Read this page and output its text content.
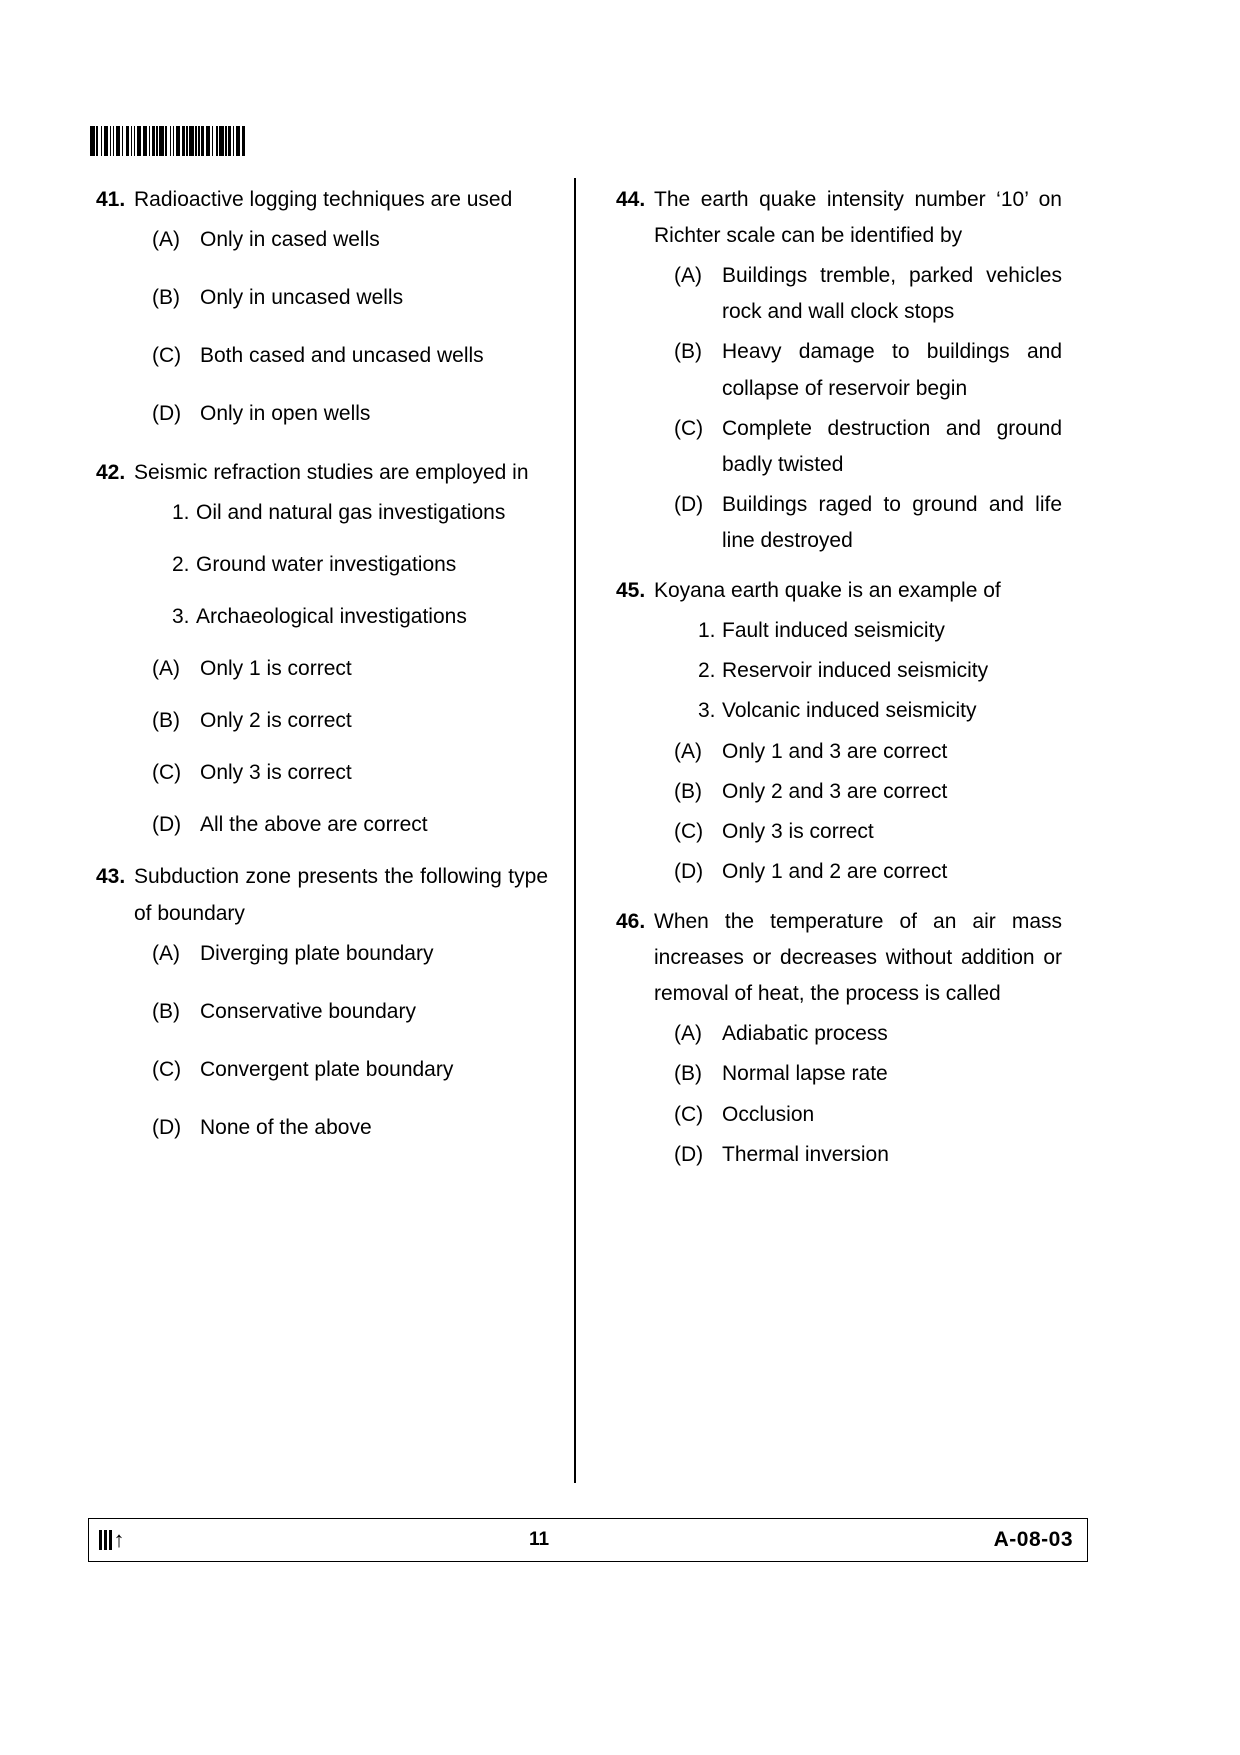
41. Radioactive logging techniques are used
(A) Only in cased wells
(B) Only in uncased wells
(C) Both cased and uncased wells
(D) Only in open wells
42. Seismic refraction studies are employed in
1. Oil and natural gas investigations
2. Ground water investigations
3. Archaeological investigations
(A) Only 1 is correct
(B) Only 2 is correct
(C) Only 3 is correct
(D) All the above are correct
43. Subduction zone presents the following type of boundary
(A) Diverging plate boundary
(B) Conservative boundary
(C) Convergent plate boundary
(D) None of the above
44. The earth quake intensity number ‘10’ on Richter scale can be identified by
(A) Buildings tremble, parked vehicles rock and wall clock stops
(B) Heavy damage to buildings and collapse of reservoir begin
(C) Complete destruction and ground badly twisted
(D) Buildings raged to ground and life line destroyed
45. Koyana earth quake is an example of
1. Fault induced seismicity
2. Reservoir induced seismicity
3. Volcanic induced seismicity
(A) Only 1 and 3 are correct
(B) Only 2 and 3 are correct
(C) Only 3 is correct
(D) Only 1 and 2 are correct
46. When the temperature of an air mass increases or decreases without addition or removal of heat, the process is called
(A) Adiabatic process
(B) Normal lapse rate
(C) Occlusion
(D) Thermal inversion
↑	11	A-08-03
